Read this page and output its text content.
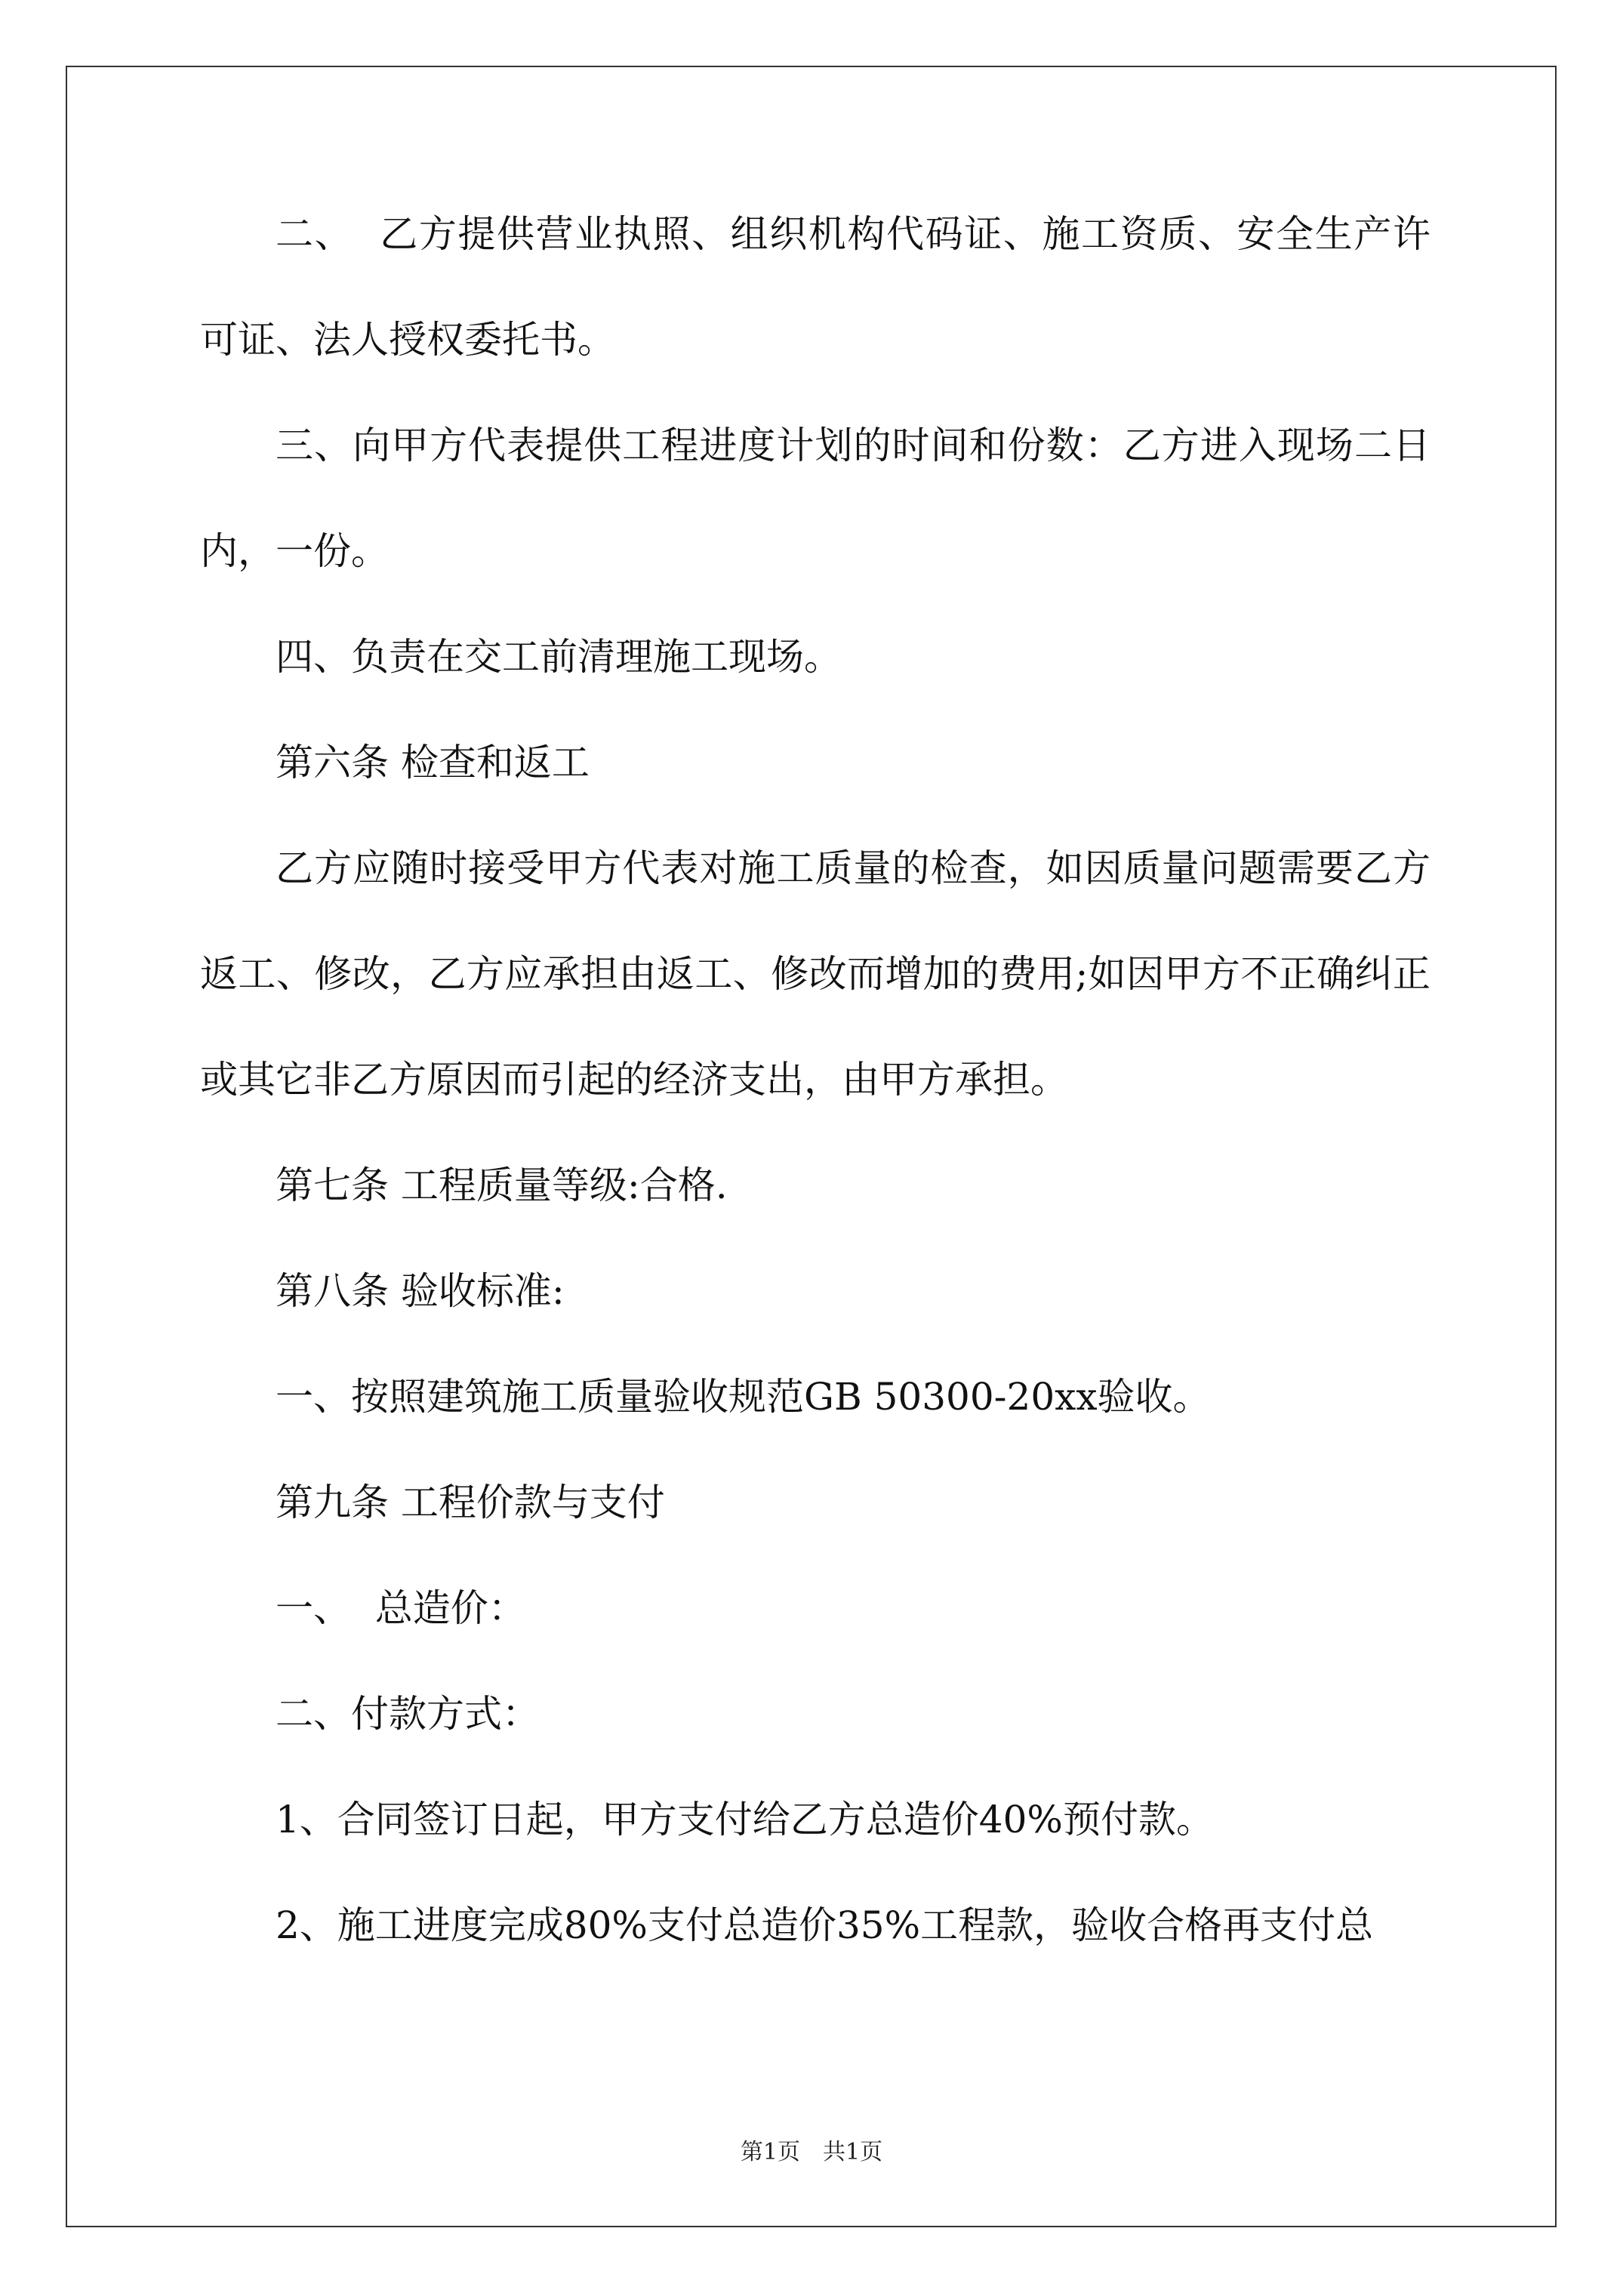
二、  乙方提供营业执照、组织机构代码证、施工资质、安全生产许可证、法人授权委托书。

三、向甲方代表提供工程进度计划的时间和份数：乙方进入现场二日内，一份。

四、负责在交工前清理施工现场。

第六条 检查和返工

乙方应随时接受甲方代表对施工质量的检查，如因质量问题需要乙方返工、修改，乙方应承担由返工、修改而增加的费用;如因甲方不正确纠正或其它非乙方原因而引起的经济支出，由甲方承担。

第七条 工程质量等级:合格.

第八条 验收标准:

一、按照建筑施工质量验收规范GB 50300-20xx验收。

第九条 工程价款与支付

一、  总造价：

二、付款方式：

1、合同签订日起，甲方支付给乙方总造价40%预付款。

2、施工进度完成80%支付总造价35%工程款，验收合格再支付总

第1页 共1页
